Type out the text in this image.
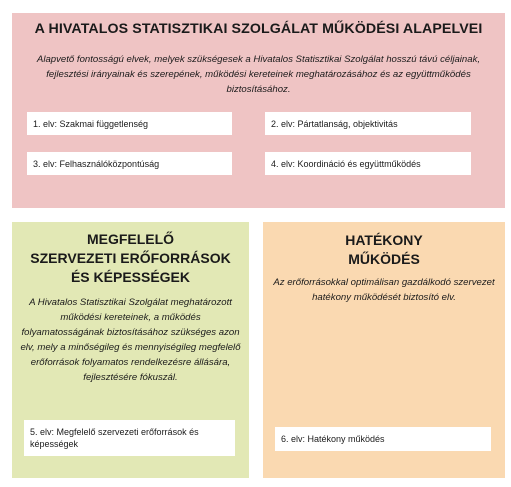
A HIVATALOS STATISZTIKAI SZOLGÁLAT MŰKÖDÉSI ALAPELVEI
Alapvető fontosságú elvek, melyek szükségesek a Hivatalos Statisztikai Szolgálat hosszú távú céljainak, fejlesztési irányainak és szerepének, működési kereteinek meghatározásához és az együttműködés biztosításához.
1. elv: Szakmai függetlenség	2. elv: Pártatlanság, objektivitás
3. elv: Felhasználóközpontúság	4. elv: Koordináció és együttműködés
MEGFELELŐ
SZERVEZETI ERŐFORRÁSOK
ÉS KÉPESSÉGEK
A Hivatalos Statisztikai Szolgálat meghatározott működési kereteinek, a működés folyamatosságának biztosításához szükséges azon elv, mely a minőségileg és mennyiségileg megfelelő erőforrások folyamatos rendelkezésre állására, fejlesztésére fókuszál.
5. elv: Megfelelő szervezeti erőforrások és képességek
HATÉKONY
MŰKÖDÉS
Az erőforrásokkal optimálisan gazdálkodó szervezet hatékony működését biztosító elv.
6. elv: Hatékony működés
